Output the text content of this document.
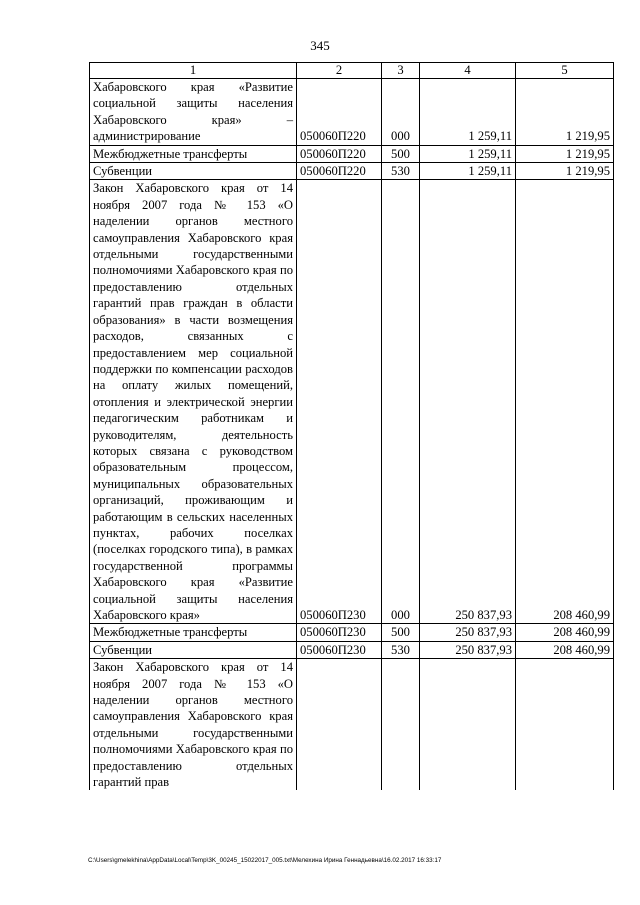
345
1	2	3	4	5
Хабаровского края «Развитие социальной защиты населения Хабаровского края» – администрирование	050060П220	000	1 259,11	1 219,95
Межбюджетные трансферты	050060П220	500	1 259,11	1 219,95
Субвенции	050060П220	530	1 259,11	1 219,95
Закон Хабаровского края от 14 ноября 2007 года № 153 «О наделении органов местного самоуправления Хабаровского края отдельными государственными полномочиями Хабаровского края по предоставлению отдельных гарантий прав граждан в области образования» в части возмещения расходов, связанных с предоставлением мер социальной поддержки по компенсации расходов на оплату жилых помещений, отопления и электрической энергии педагогическим работникам и руководителям, деятельность которых связана с руководством образовательным процессом, муниципальных образовательных организаций, проживающим и работающим в сельских населенных пунктах, рабочих поселках (поселках городского типа), в рамках государственной программы Хабаровского края «Развитие социальной защиты населения Хабаровского края»	050060П230	000	250 837,93	208 460,99
Межбюджетные трансферты	050060П230	500	250 837,93	208 460,99
Субвенции	050060П230	530	250 837,93	208 460,99
Закон Хабаровского края от 14 ноября 2007 года № 153 «О наделении органов местного самоуправления Хабаровского края отдельными государственными полномочиями Хабаровского края по предоставлению отдельных гарантий прав				
C:\Users\gmelekhina\AppData\Local\Temp\3K_00245_15022017_005.txt\Мелехина Ирина Геннадьевна\16.02.2017 16:33:17
